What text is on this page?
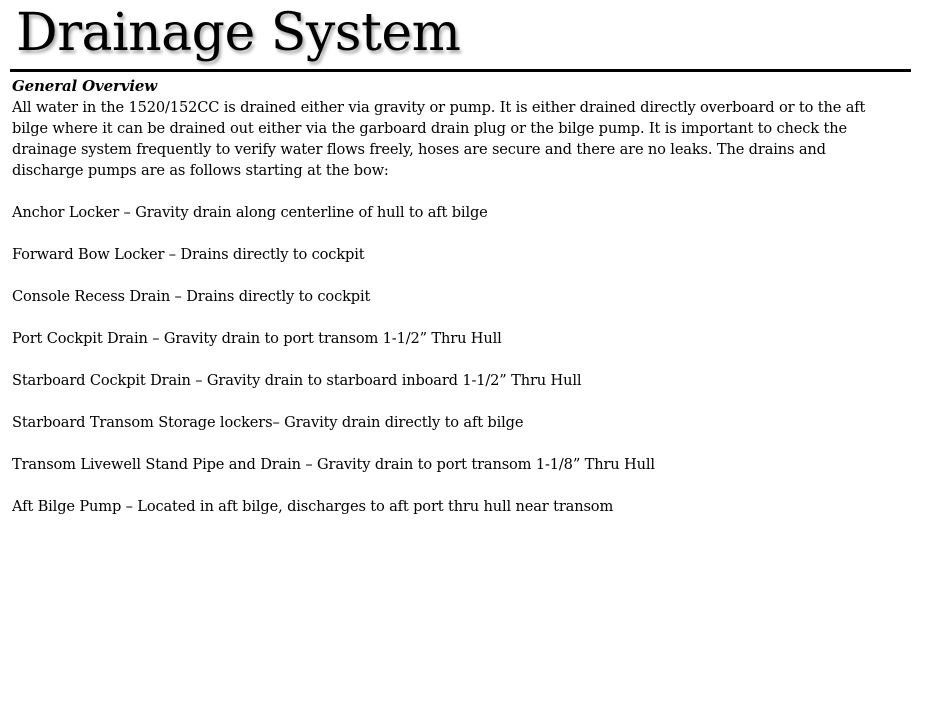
Drainage System

General Overview

All water in the 1520/152CC is drained either via gravity or pump. It is either drained directly overboard or to the aft bilge where it can be drained out either via the garboard drain plug or the bilge pump. It is important to check the drainage system frequently to verify water flows freely, hoses are secure and there are no leaks. The drains and discharge pumps are as follows starting at the bow:

Anchor Locker – Gravity drain along centerline of hull to aft bilge
Forward Bow Locker – Drains directly to cockpit
Console Recess Drain – Drains directly to cockpit
Port Cockpit Drain – Gravity drain to port transom 1-1/2” Thru Hull
Starboard Cockpit Drain – Gravity drain to starboard inboard 1-1/2” Thru Hull
Starboard Transom Storage lockers– Gravity drain directly to aft bilge
Transom Livewell Stand Pipe and Drain – Gravity drain to port transom 1-1/8” Thru Hull
Aft Bilge Pump – Located in aft bilge, discharges to aft port thru hull near transom
